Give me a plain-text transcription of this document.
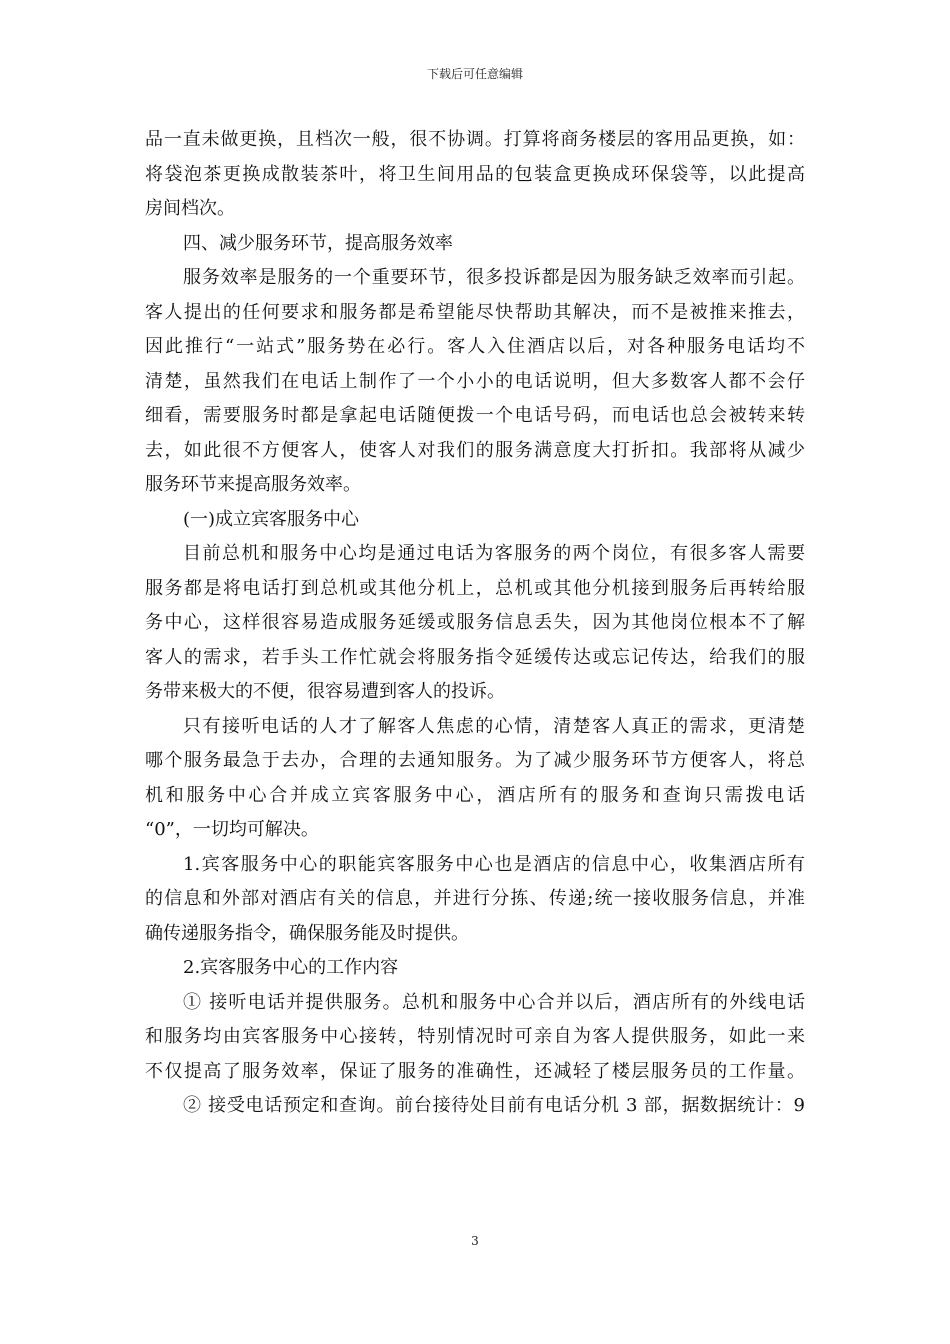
下载后可任意编辑
品一直未做更换，且档次一般，很不协调。打算将商务楼层的客用品更换，如：
将袋泡茶更换成散装茶叶，将卫生间用品的包装盒更换成环保袋等，以此提高
房间档次。
四、减少服务环节，提高服务效率
服务效率是服务的一个重要环节，很多投诉都是因为服务缺乏效率而引起。
客人提出的任何要求和服务都是希望能尽快帮助其解决，而不是被推来推去，
因此推行“一站式”服务势在必行。客人入住酒店以后，对各种服务电话均不
清楚，虽然我们在电话上制作了一个小小的电话说明，但大多数客人都不会仔
细看，需要服务时都是拿起电话随便拨一个电话号码，而电话也总会被转来转
去，如此很不方便客人，使客人对我们的服务满意度大打折扣。我部将从减少
服务环节来提高服务效率。
(一)成立宾客服务中心
目前总机和服务中心均是通过电话为客服务的两个岗位，有很多客人需要
服务都是将电话打到总机或其他分机上，总机或其他分机接到服务后再转给服
务中心，这样很容易造成服务延缓或服务信息丢失，因为其他岗位根本不了解
客人的需求，若手头工作忙就会将服务指令延缓传达或忘记传达，给我们的服
务带来极大的不便，很容易遭到客人的投诉。
只有接听电话的人才了解客人焦虑的心情，清楚客人真正的需求，更清楚
哪个服务最急于去办，合理的去通知服务。为了减少服务环节方便客人，将总
机和服务中心合并成立宾客服务中心，酒店所有的服务和查询只需拨电话
“0”，一切均可解决。
1.宾客服务中心的职能宾客服务中心也是酒店的信息中心，收集酒店所有
的信息和外部对酒店有关的信息，并进行分拣、传递;统一接收服务信息，并准
确传递服务指令，确保服务能及时提供。
2.宾客服务中心的工作内容
① 接听电话并提供服务。总机和服务中心合并以后，酒店所有的外线电话
和服务均由宾客服务中心接转，特别情况时可亲自为客人提供服务，如此一来
不仅提高了服务效率，保证了服务的准确性，还减轻了楼层服务员的工作量。
② 接受电话预定和查询。前台接待处目前有电话分机 3 部，据数据统计：9
3
